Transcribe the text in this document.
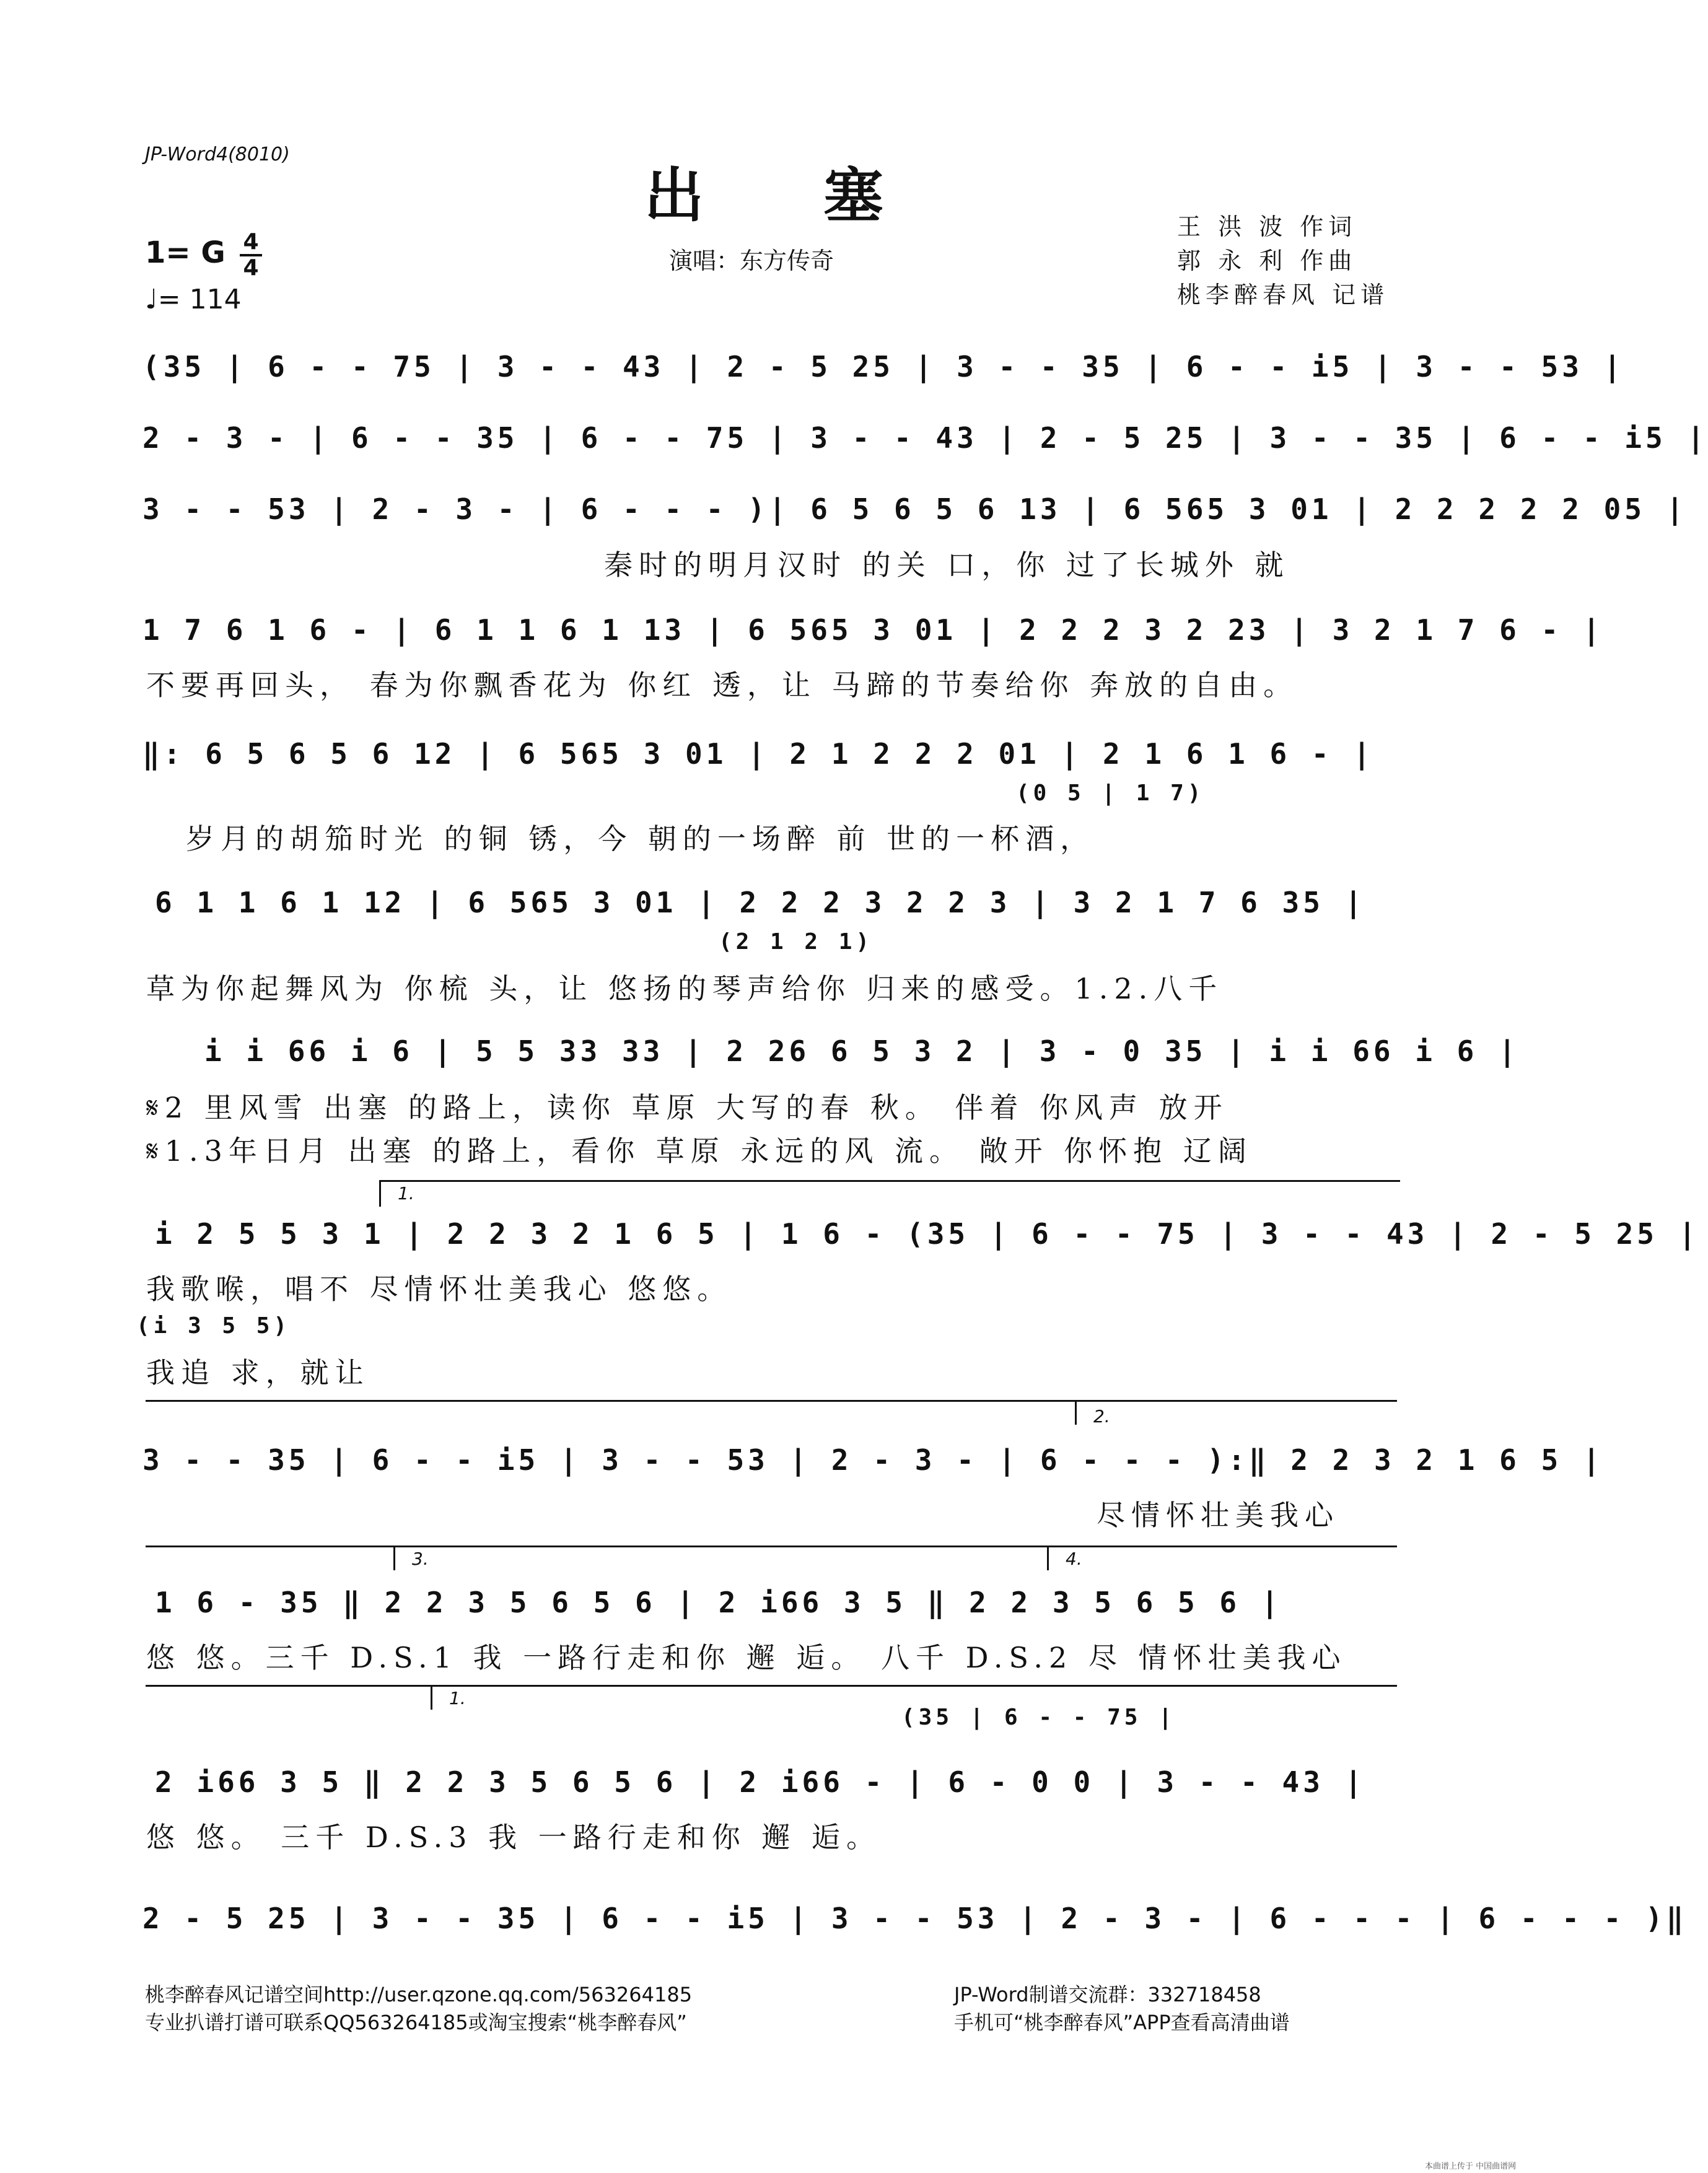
JP-Word4(8010)
出 塞
1= G 4
4
♩= 114
演唱：东方传奇
王 洪 波 作词
郭 永 利 作曲
桃李醉春风 记谱
(35 | 6 - - 75 | 3 - - 43 | 2 - 5 25 | 3 - - 35 | 6 - - i5 | 3 - - 53 |
2 - 3 - | 6 - - 35 | 6 - - 75 | 3 - - 43 | 2 - 5 25 | 3 - - 35 | 6 - - i5 |
3 - - 53 | 2 - 3 - | 6 - - - )| 6 5 6 5 6 13 | 6 565 3 01 | 2 2 2 2 2 05 |
秦时的明月汉时 的关 口，你 过了长城外 就
1 7 6 1 6 - | 6 1 1 6 1 13 | 6 565 3 01 | 2 2 2 3 2 23 | 3 2 1 7 6 - |
不要再回头， 春为你飘香花为 你红 透，让 马蹄的节奏给你 奔放的自由。
‖: 6 5 6 5 6 12 | 6 565 3 01 | 2 1 2 2 2 01 | 2 1 6 1 6 - |
(0 5 | 1 7)
岁月的胡笳时光 的铜 锈，今 朝的一场醉 前 世的一杯酒，
6 1 1 6 1 12 | 6 565 3 01 | 2 2 2 3 2 2 3 | 3 2 1 7 6 35 |
(2 1 2 1)
草为你起舞风为 你梳 头，让 悠扬的琴声给你 归来的感受。1.2.八千
i i 66 i 6 | 5 5 33 33 | 2 26 6 5 3 2 | 3 - 0 35 | i i 66 i 6 |
𝄋2 里风雪 出塞 的路上，读你 草原 大写的春 秋。 伴着 你风声 放开
𝄋1.3年日月 出塞 的路上，看你 草原 永远的风 流。 敞开 你怀抱 辽阔
1.
i 2 5 5 3 1 | 2 2 3 2 1 6 5 | 1 6 - (35 | 6 - - 75 | 3 - - 43 | 2 - 5 25 |
我歌喉，唱不 尽情怀壮美我心 悠悠。
(i 3 5 5)
我追 求，就让
2.
3 - - 35 | 6 - - i5 | 3 - - 53 | 2 - 3 - | 6 - - - ):‖ 2 2 3 2 1 6 5 |
尽情怀壮美我心
3.	4.
1 6 - 35 ‖ 2 2 3 5 6 5 6 | 2 i66 3 5 ‖ 2 2 3 5 6 5 6 |
悠 悠。三千 D.S.1 我 一路行走和你 邂 逅。 八千 D.S.2 尽 情怀壮美我心
1.
(35 | 6 - - 75 |
2 i66 3 5 ‖ 2 2 3 5 6 5 6 | 2 i66 - | 6 - 0 0 | 3 - - 43 |
悠 悠。 三千 D.S.3 我 一路行走和你 邂 逅。
2 - 5 25 | 3 - - 35 | 6 - - i5 | 3 - - 53 | 2 - 3 - | 6 - - - | 6 - - - )‖
桃李醉春风记谱空间http://user.qzone.qq.com/563264185
专业扒谱打谱可联系QQ563264185或淘宝搜索“桃李醉春风”
JP-Word制谱交流群：332718458
手机可“桃李醉春风”APP查看高清曲谱
本曲谱上传于 中国曲谱网
